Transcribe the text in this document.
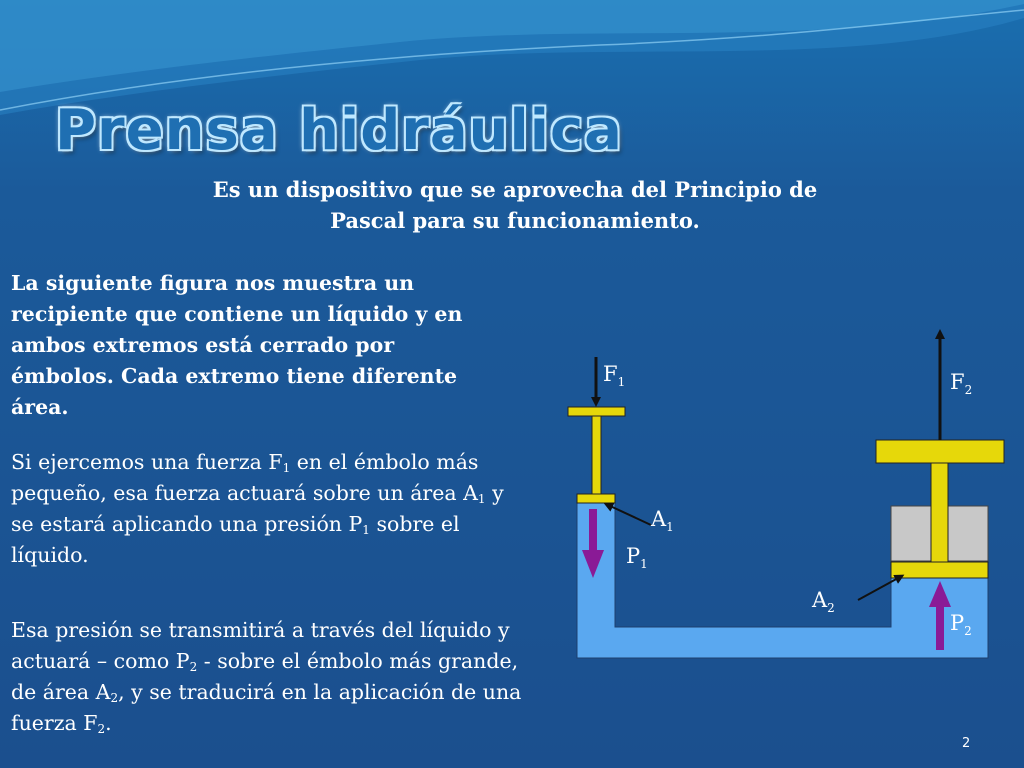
Prensa hidráulica

Es un dispositivo que se aprovecha del Principio de Pascal para su funcionamiento.

La siguiente figura nos muestra un recipiente que contiene un líquido y en ambos extremos está cerrado por émbolos. Cada extremo tiene diferente área.

Si ejercemos una fuerza $F_1$ en el émbolo más pequeño, esa fuerza actuará sobre un área $A_1$ y se estará aplicando una presión $P_1$ sobre el líquido.

Esa presión se transmitirá a través del líquido y actuará – como $P_2$ - sobre el émbolo más grande, de área $A_2$, y se traducirá en la aplicación de una fuerza $F_2$.

$F_1$	$F_2$
$A_1$
$P_1$
$A_2$
$P_2$
2
